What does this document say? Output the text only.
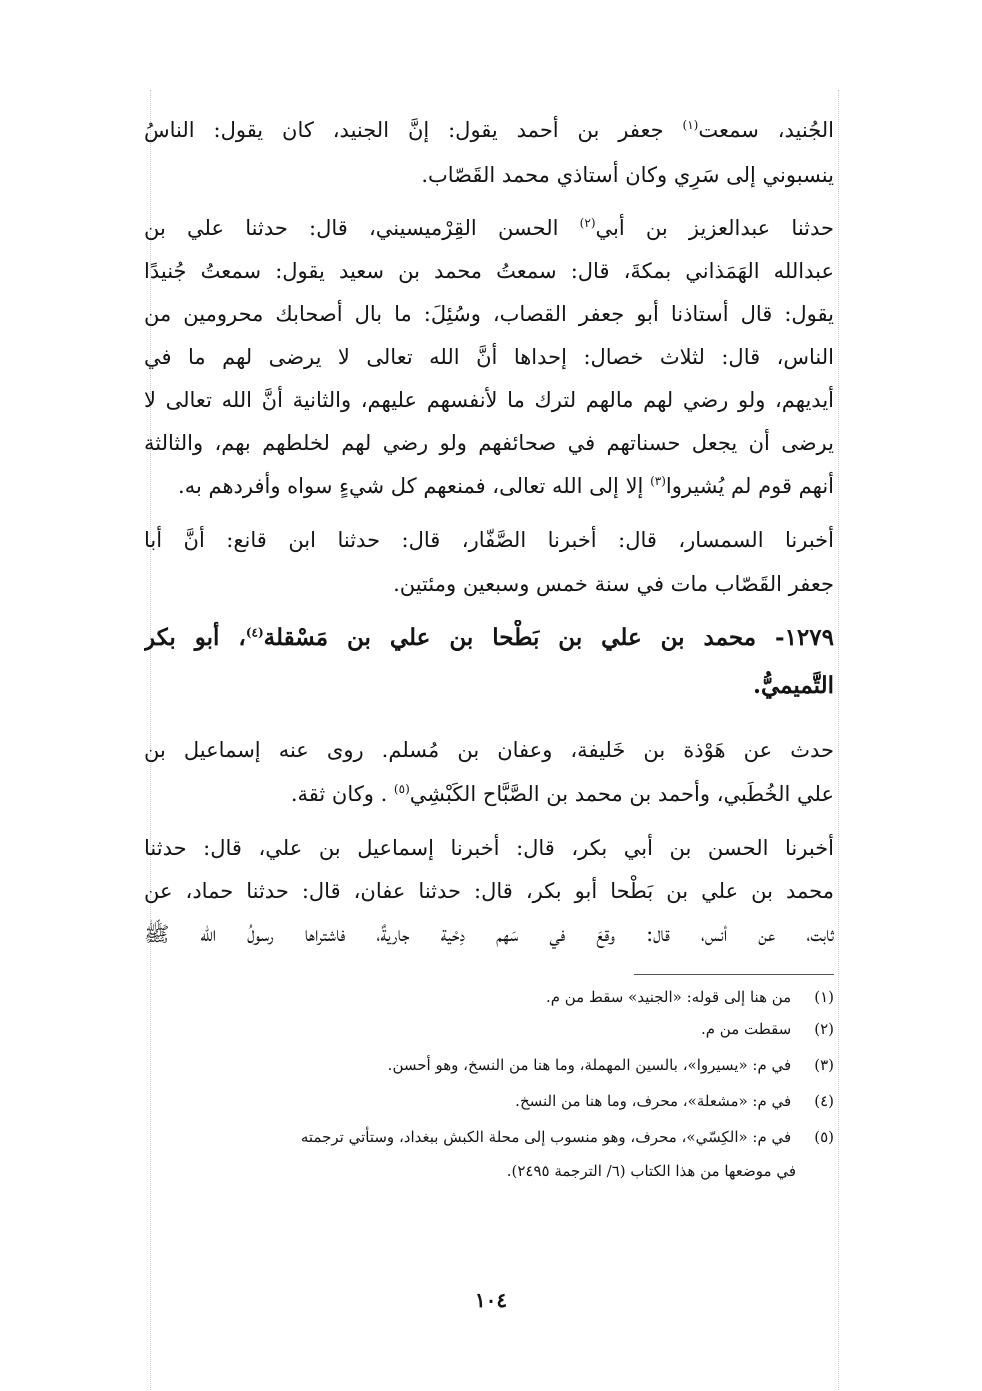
الجُنيد، سمعت$^{(١)}$ جعفر بن أحمد يقول: إنَّ الجنيد، كان يقول: الناسُ
ينسبوني إلى سَرِي وكان أستاذي محمد القَصّاب.
حدثنا عبدالعزيز بن أبي$^{(٢)}$ الحسن القِرْميسيني، قال: حدثنا علي بن
عبدالله الهَمَذاني بمكةَ، قال: سمعتُ محمد بن سعيد يقول: سمعتُ جُنيدًا
يقول: قال أستاذنا أبو جعفر القصاب، وسُئِلَ: ما بال أصحابك محرومين من
الناس، قال: لثلاث خصال: إحداها أنَّ الله تعالى لا يرضى لهم ما في
أيديهم، ولو رضي لهم مالهم لترك ما لأنفسهم عليهم، والثانية أنَّ الله تعالى لا
يرضى أن يجعل حسناتهم في صحائفهم ولو رضي لهم لخلطهم بهم، والثالثة
أنهم قوم لم يُشيروا$^{(٣)}$ إلا إلى الله تعالى، فمنعهم كل شيءٍ سواه وأفردهم به.
أخبرنا السمسار، قال: أخبرنا الصَّفّار، قال: حدثنا ابن قانع: أنَّ أبا
جعفر القَصّاب مات في سنة خمس وسبعين ومئتين.
١٢٧٩- محمد بن علي بن بَطْحا بن علي بن مَسْقلة$^{(٤)}$، أبو بكر
التَّميميُّ.
حدث عن هَوْذة بن خَليفة، وعفان بن مُسلم. روى عنه إسماعيل بن
علي الخُطَبي، وأحمد بن محمد بن الصَّبَّاح الكَبْشِي$^{(٥)}$ . وكان ثقة.
أخبرنا الحسن بن أبي بكر، قال: أخبرنا إسماعيل بن علي، قال: حدثنا
محمد بن علي بن بَطْحا أبو بكر، قال: حدثنا عفان، قال: حدثنا حماد، عن
ثابت، عن أنس، قال: وقعَ في سَهم دِحْية جاريةٌ، فاشتراها رسولُ الله ﷺ
(١) من هنا إلى قوله: «الجنيد» سقط من م.
(٢) سقطت من م.
(٣) في م: «يسيروا»، بالسين المهملة، وما هنا من النسخ، وهو أحسن.
(٤) في م: «مشعلة»، محرف، وما هنا من النسخ.
(٥) في م: «الكِسّي»، محرف، وهو منسوب إلى محلة الكبش ببغداد، وستأتي ترجمته
في موضعها من هذا الكتاب (٦/ الترجمة ٢٤٩٥).
١٠٤
